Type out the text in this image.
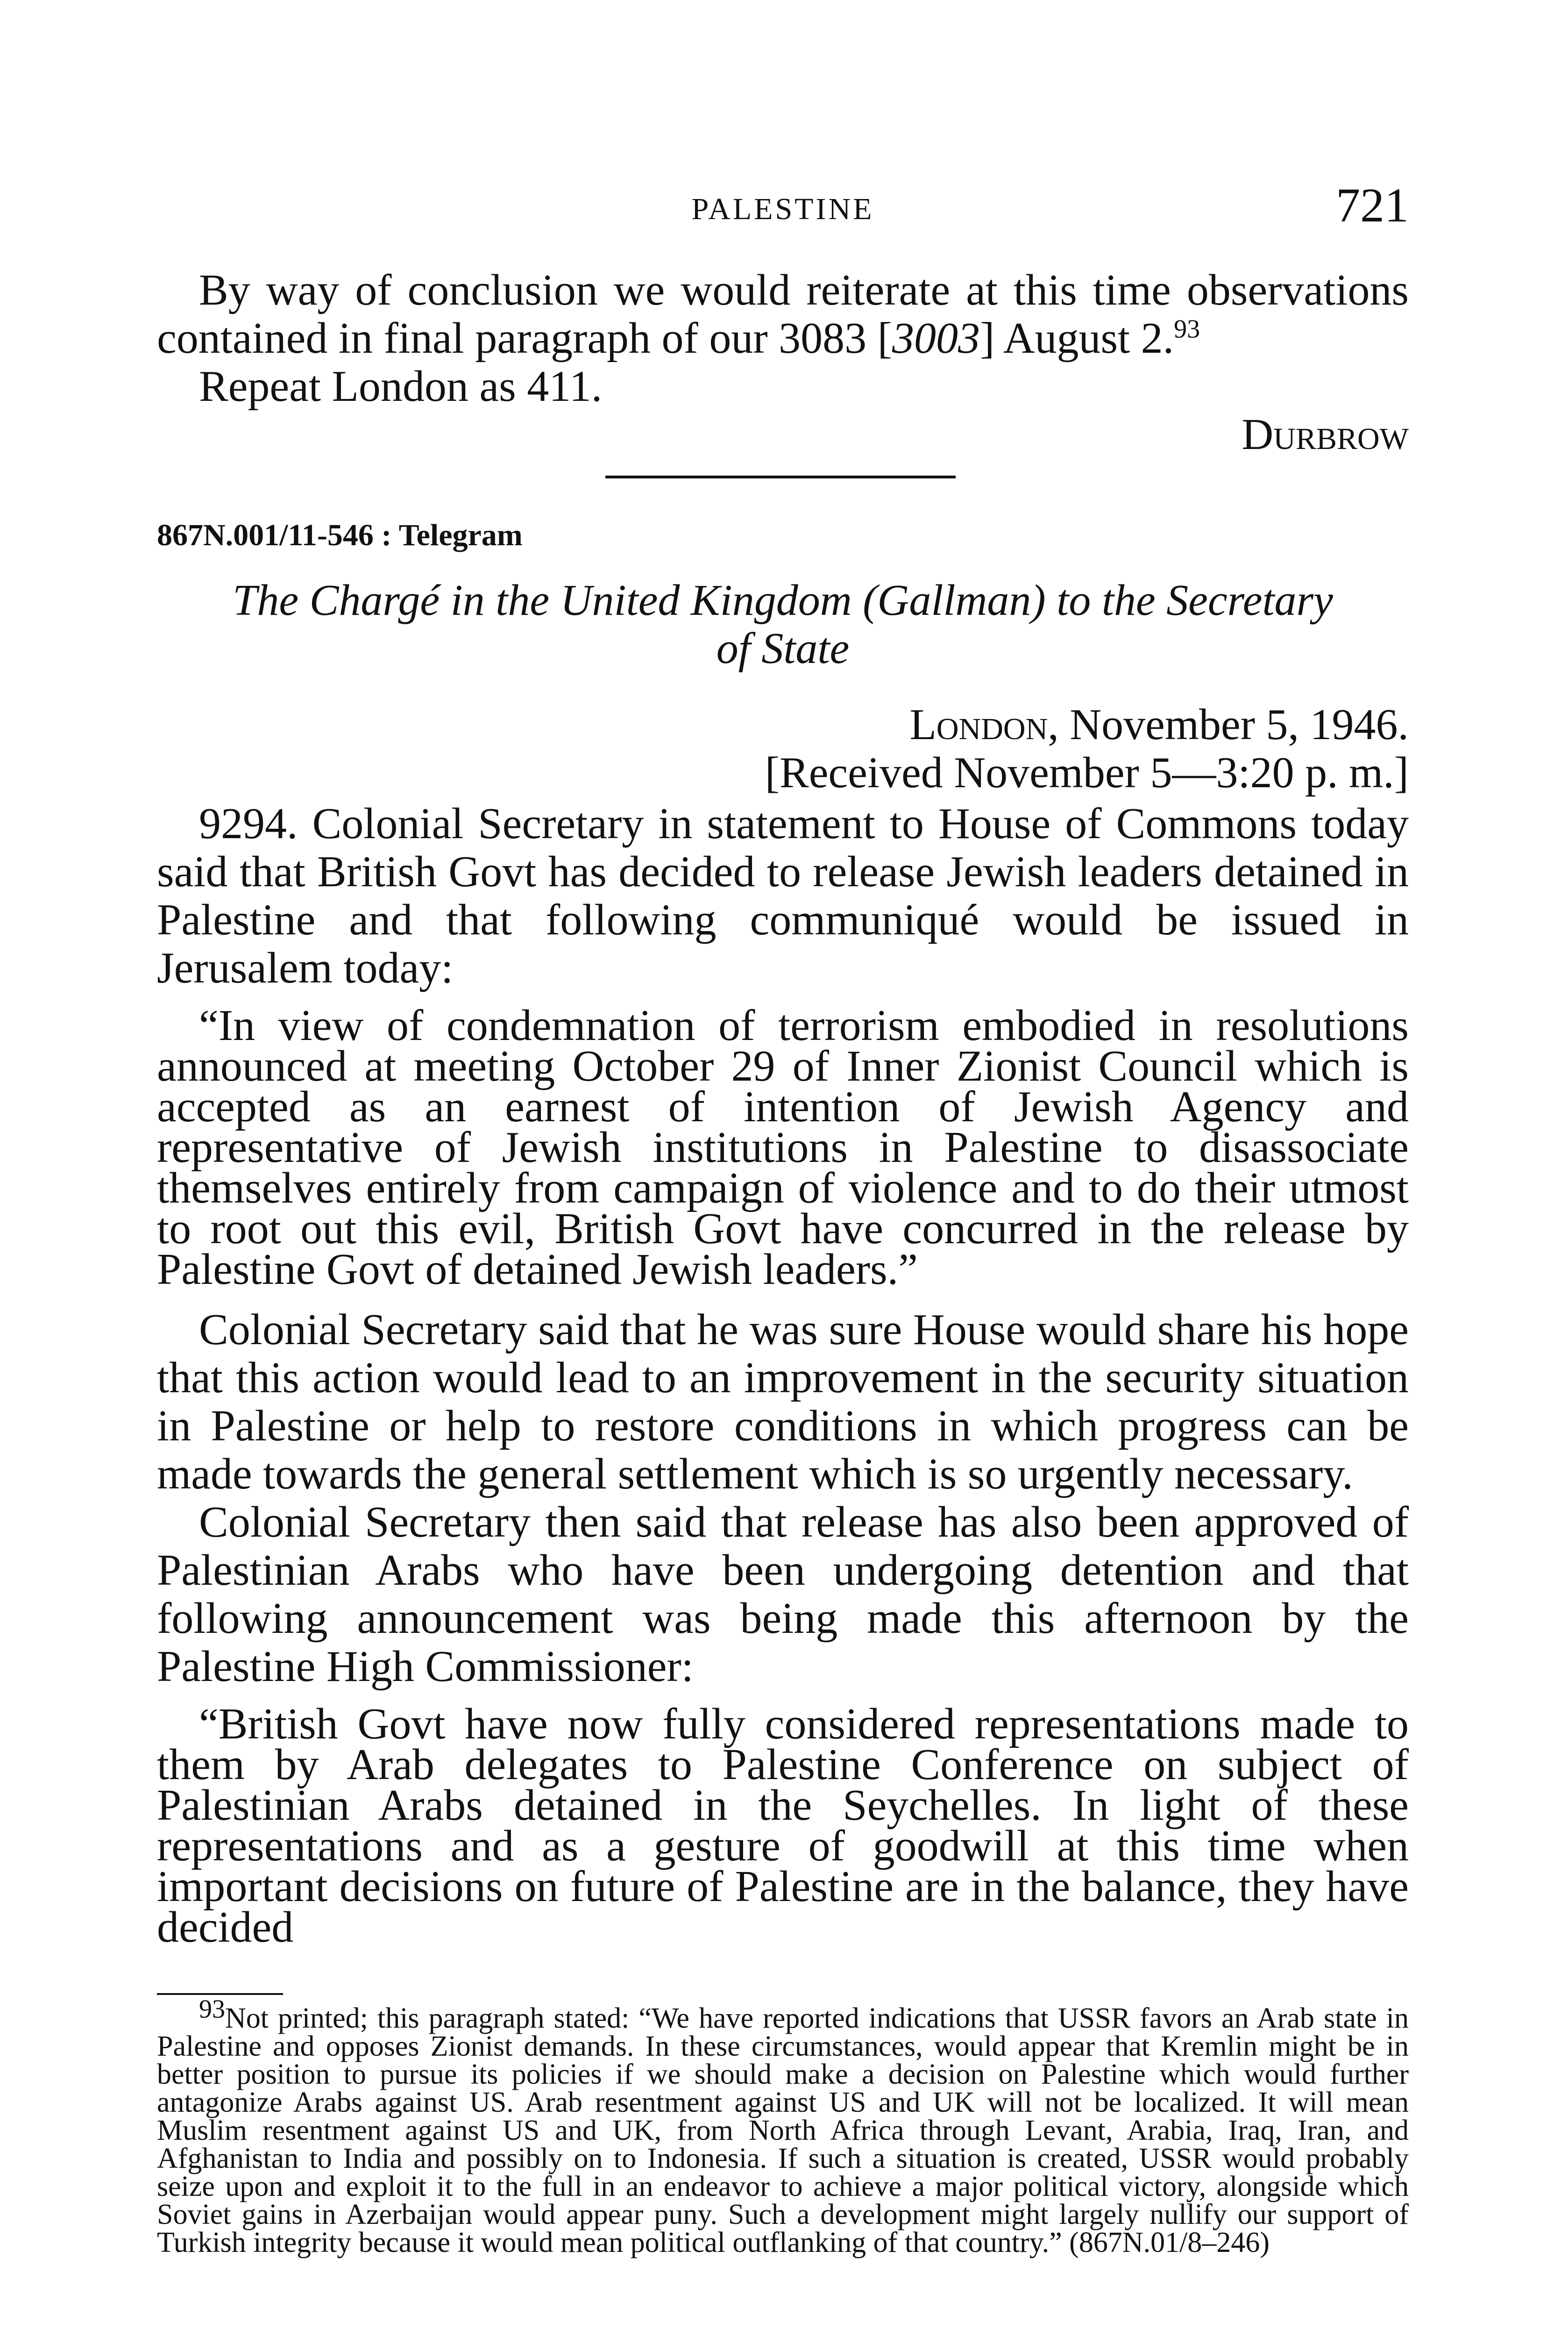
PALESTINE	721

By way of conclusion we would reiterate at this time observations contained in final paragraph of our 3083 [3003] August 2.93

Repeat London as 411.

Durbrow

867N.001/11-546 : Telegram

The Chargé in the United Kingdom (Gallman) to the Secretary

of State

London, November 5, 1946.

[Received November 5—3:20 p. m.]

9294. Colonial Secretary in statement to House of Commons today said that British Govt has decided to release Jewish leaders detained in Palestine and that following communiqué would be issued in Jerusalem today:

“In view of condemnation of terrorism embodied in resolutions announced at meeting October 29 of Inner Zionist Council which is accepted as an earnest of intention of Jewish Agency and representative of Jewish institutions in Palestine to disassociate themselves entirely from campaign of violence and to do their utmost to root out this evil, British Govt have concurred in the release by Palestine Govt of detained Jewish leaders.”

Colonial Secretary said that he was sure House would share his hope that this action would lead to an improvement in the security situation in Palestine or help to restore conditions in which progress can be made towards the general settlement which is so urgently necessary.

Colonial Secretary then said that release has also been approved of Palestinian Arabs who have been undergoing detention and that following announcement was being made this afternoon by the Palestine High Commissioner:

“British Govt have now fully considered representations made to them by Arab delegates to Palestine Conference on subject of Palestinian Arabs detained in the Seychelles. In light of these representations and as a gesture of goodwill at this time when important decisions on future of Palestine are in the balance, they have decided

93Not printed; this paragraph stated: “We have reported indications that USSR favors an Arab state in Palestine and opposes Zionist demands. In these circumstances, would appear that Kremlin might be in better position to pursue its policies if we should make a decision on Palestine which would further antagonize Arabs against US. Arab resentment against US and UK will not be localized. It will mean Muslim resentment against US and UK, from North Africa through Levant, Arabia, Iraq, Iran, and Afghanistan to India and possibly on to Indonesia. If such a situation is created, USSR would probably seize upon and exploit it to the full in an endeavor to achieve a major political victory, alongside which Soviet gains in Azerbaijan would appear puny. Such a development might largely nullify our support of Turkish integrity because it would mean political outflanking of that country.” (867N.01/8–246)
